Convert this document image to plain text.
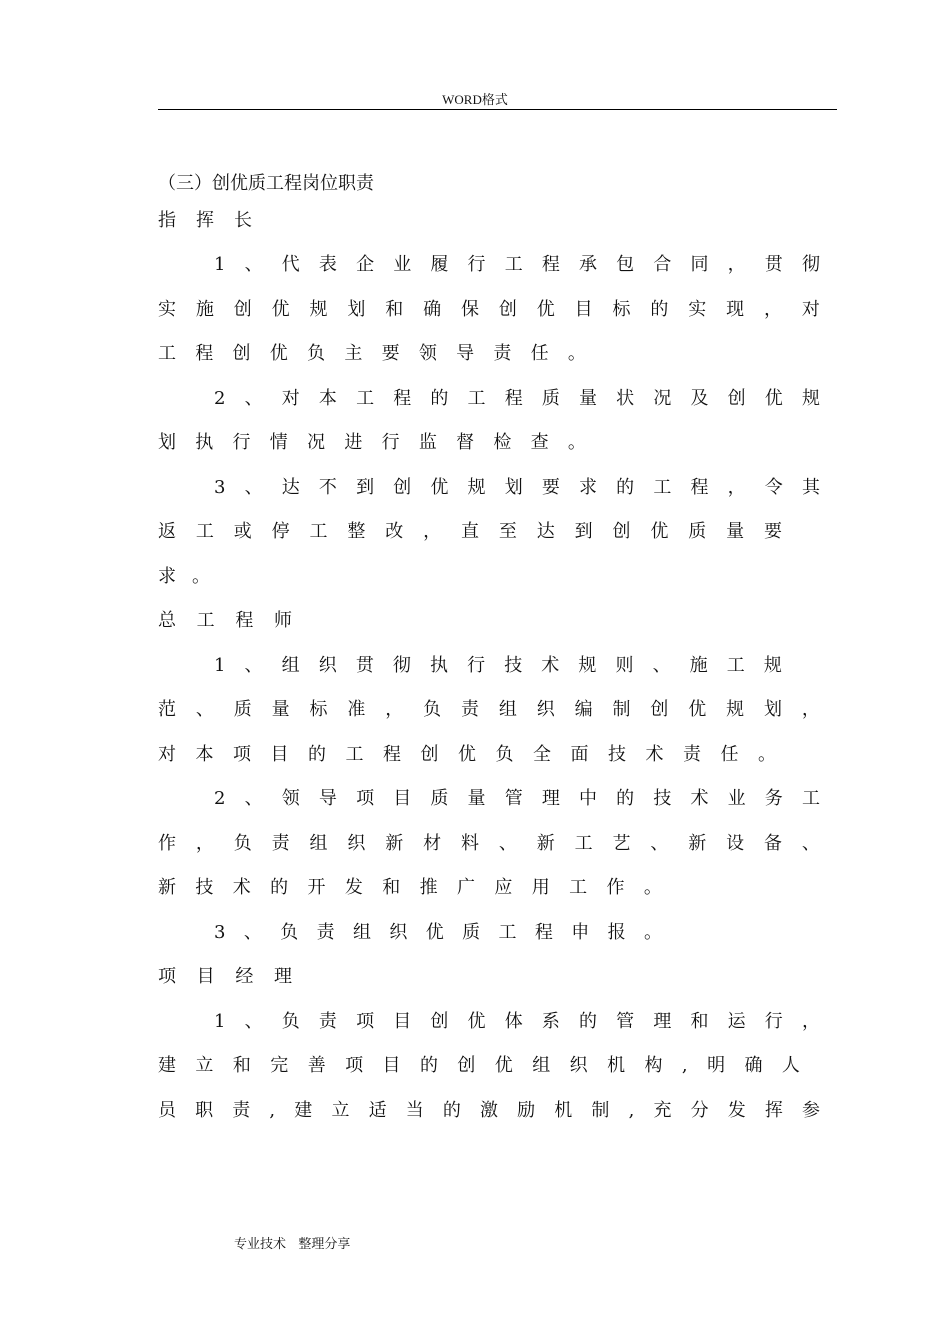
WORD格式
（三）创优质工程岗位职责
指 挥 长
1 、 代 表 企 业 履 行 工 程 承 包 合 同 ， 贯 彻
实 施 创 优 规 划 和 确 保 创 优 目 标 的 实 现 ， 对
工 程 创 优 负 主 要 领 导 责 任 。
2 、 对 本 工 程 的 工 程 质 量 状 况 及 创 优 规
划 执 行 情 况 进 行 监 督 检 查 。
3 、 达 不 到 创 优 规 划 要 求 的 工 程 ， 令 其
返 工 或 停 工 整 改 ， 直 至 达 到 创 优 质 量 要
求 。
总 工 程 师
1 、 组 织 贯 彻 执 行 技 术 规 则 、 施 工 规
范 、 质 量 标 准 ， 负 责 组 织 编 制 创 优 规 划 ，
对 本 项 目 的 工 程 创 优 负 全 面 技 术 责 任 。
2 、 领 导 项 目 质 量 管 理 中 的 技 术 业 务 工
作 ， 负 责 组 织 新 材 料 、 新 工 艺 、 新 设 备 、
新 技 术 的 开 发 和 推 广 应 用 工 作 。
3 、 负 责 组 织 优 质 工 程 申 报 。
项 目 经 理
1 、 负 责 项 目 创 优 体 系 的 管 理 和 运 行 ，
建 立 和 完 善 项 目 的 创 优 组 织 机 构 , 明 确 人
员 职 责 , 建 立 适 当 的 激 励 机 制 , 充 分 发 挥 参
专业技术   整理分享
